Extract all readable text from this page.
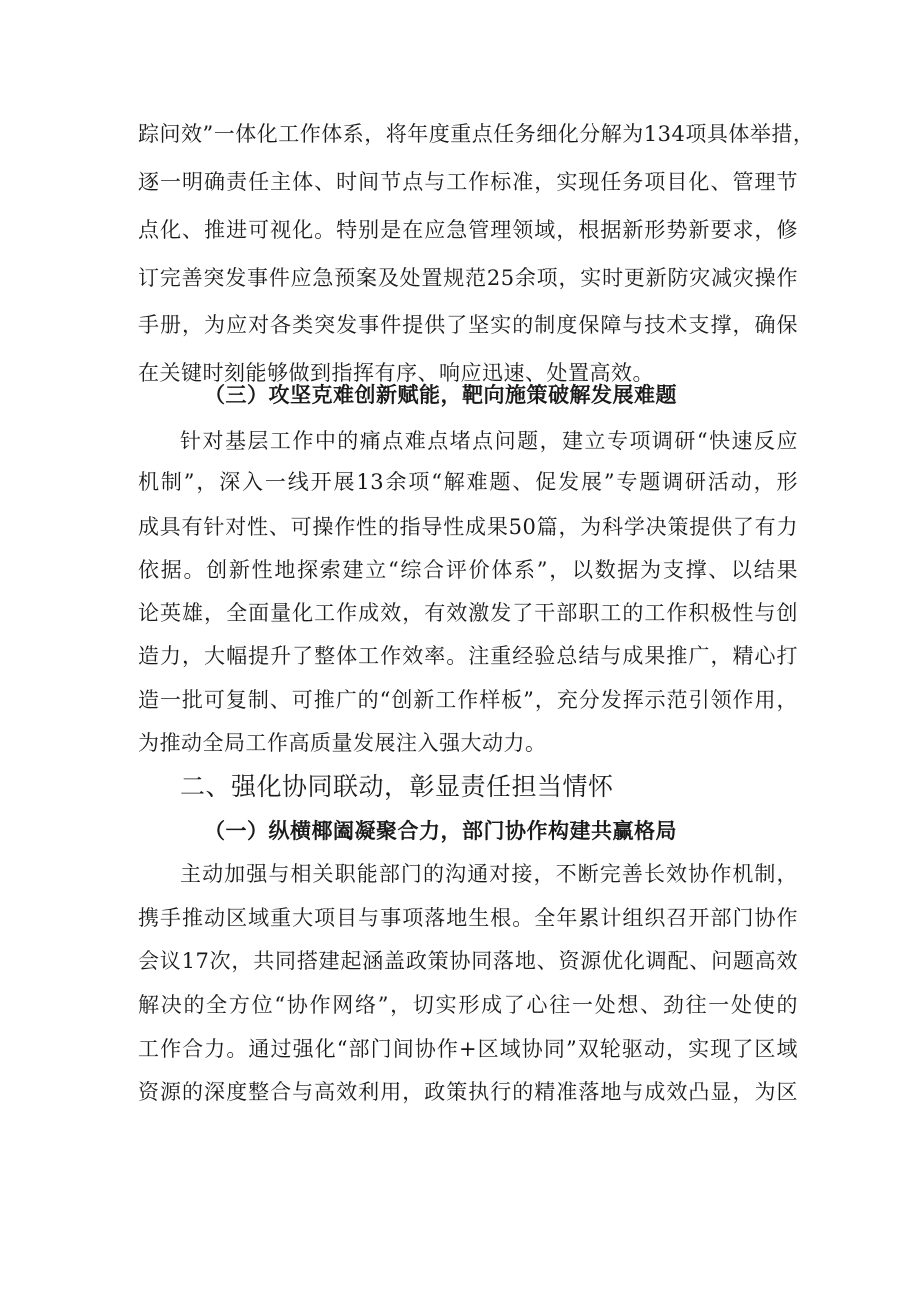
踪问效”一体化工作体系，将年度重点任务细化分解为134项具体举措，
逐一明确责任主体、时间节点与工作标准，实现任务项目化、管理节
点化、推进可视化。特别是在应急管理领域，根据新形势新要求，修
订完善突发事件应急预案及处置规范25余项，实时更新防灾减灾操作
手册，为应对各类突发事件提供了坚实的制度保障与技术支撑，确保
在关键时刻能够做到指挥有序、响应迅速、处置高效。
（三）攻坚克难创新赋能，靶向施策破解发展难题
针对基层工作中的痛点难点堵点问题，建立专项调研“快速反应
机制”，深入一线开展13余项“解难题、促发展”专题调研活动，形
成具有针对性、可操作性的指导性成果50篇，为科学决策提供了有力
依据。创新性地探索建立“综合评价体系”，以数据为支撑、以结果
论英雄，全面量化工作成效，有效激发了干部职工的工作积极性与创
造力，大幅提升了整体工作效率。注重经验总结与成果推广，精心打
造一批可复制、可推广的“创新工作样板”，充分发挥示范引领作用，
为推动全局工作高质量发展注入强大动力。
二、强化协同联动，彰显责任担当情怀
（一）纵横椰阖凝聚合力，部门协作构建共赢格局
主动加强与相关职能部门的沟通对接，不断完善长效协作机制，
携手推动区域重大项目与事项落地生根。全年累计组织召开部门协作
会议17次，共同搭建起涵盖政策协同落地、资源优化调配、问题高效
解决的全方位“协作网络”，切实形成了心往一处想、劲往一处使的
工作合力。通过强化“部门间协作+区域协同”双轮驱动，实现了区域
资源的深度整合与高效利用，政策执行的精准落地与成效凸显，为区
